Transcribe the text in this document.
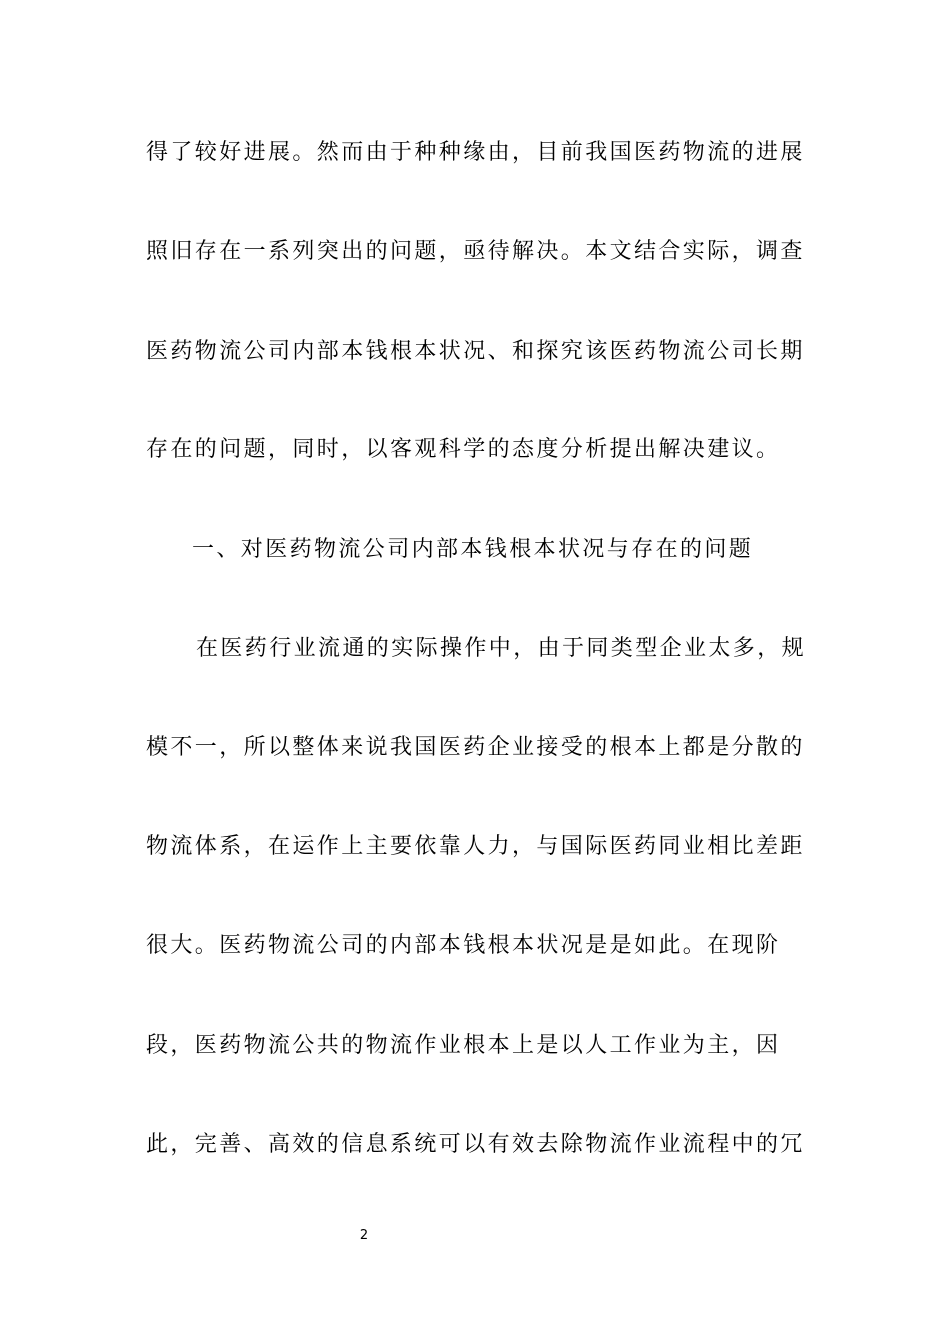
得了较好进展。然而由于种种缘由，目前我国医药物流的进展
照旧存在一系列突出的问题，亟待解决。本文结合实际，调查
医药物流公司内部本钱根本状况、和探究该医药物流公司长期
存在的问题，同时，以客观科学的态度分析提出解决建议。
一、对医药物流公司内部本钱根本状况与存在的问题
在医药行业流通的实际操作中，由于同类型企业太多，规
模不一，所以整体来说我国医药企业接受的根本上都是分散的
物流体系，在运作上主要依靠人力，与国际医药同业相比差距
很大。医药物流公司的内部本钱根本状况是是如此。在现阶
段，医药物流公共的物流作业根本上是以人工作业为主，因
此，完善、高效的信息系统可以有效去除物流作业流程中的冗
2
